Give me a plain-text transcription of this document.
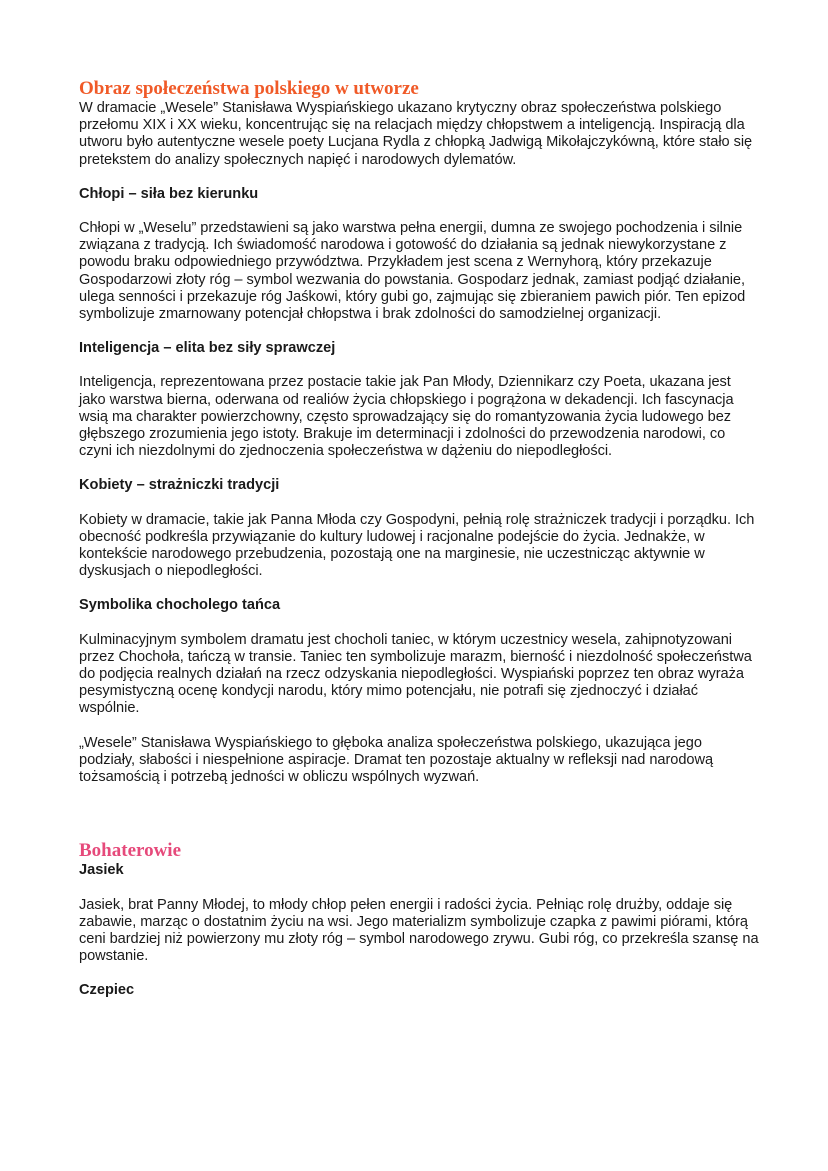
Obraz społeczeństwa polskiego w utworze

W dramacie „Wesele” Stanisława Wyspiańskiego ukazano krytyczny obraz społeczeństwa polskiego przełomu XIX i XX wieku, koncentrując się na relacjach między chłopstwem a inteligencją. Inspiracją dla utworu było autentyczne wesele poety Lucjana Rydla z chłopką Jadwigą Mikołajczykówną, które stało się pretekstem do analizy społecznych napięć i narodowych dylematów.

Chłopi – siła bez kierunku

Chłopi w „Weselu” przedstawieni są jako warstwa pełna energii, dumna ze swojego pochodzenia i silnie związana z tradycją. Ich świadomość narodowa i gotowość do działania są jednak niewykorzystane z powodu braku odpowiedniego przywództwa. Przykładem jest scena z Wernyhorą, który przekazuje Gospodarzowi złoty róg – symbol wezwania do powstania. Gospodarz jednak, zamiast podjąć działanie, ulega senności i przekazuje róg Jaśkowi, który gubi go, zajmując się zbieraniem pawich piór. Ten epizod symbolizuje zmarnowany potencjał chłopstwa i brak zdolności do samodzielnej organizacji.

Inteligencja – elita bez siły sprawczej

Inteligencja, reprezentowana przez postacie takie jak Pan Młody, Dziennikarz czy Poeta, ukazana jest jako warstwa bierna, oderwana od realiów życia chłopskiego i pogrążona w dekadencji. Ich fascynacja wsią ma charakter powierzchowny, często sprowadzający się do romantyzowania życia ludowego bez głębszego zrozumienia jego istoty. Brakuje im determinacji i zdolności do przewodzenia narodowi, co czyni ich niezdolnymi do zjednoczenia społeczeństwa w dążeniu do niepodległości.

Kobiety – strażniczki tradycji

Kobiety w dramacie, takie jak Panna Młoda czy Gospodyni, pełnią rolę strażniczek tradycji i porządku. Ich obecność podkreśla przywiązanie do kultury ludowej i racjonalne podejście do życia. Jednakże, w kontekście narodowego przebudzenia, pozostają one na marginesie, nie uczestnicząc aktywnie w dyskusjach o niepodległości.

Symbolika chocholego tańca

Kulminacyjnym symbolem dramatu jest chocholi taniec, w którym uczestnicy wesela, zahipnotyzowani przez Chochoła, tańczą w transie. Taniec ten symbolizuje marazm, bierność i niezdolność społeczeństwa do podjęcia realnych działań na rzecz odzyskania niepodległości. Wyspiański poprzez ten obraz wyraża pesymistyczną ocenę kondycji narodu, który mimo potencjału, nie potrafi się zjednoczyć i działać wspólnie.

„Wesele” Stanisława Wyspiańskiego to głęboka analiza społeczeństwa polskiego, ukazująca jego podziały, słabości i niespełnione aspiracje. Dramat ten pozostaje aktualny w refleksji nad narodową tożsamością i potrzebą jedności w obliczu wspólnych wyzwań.

Bohaterowie
Jasiek

Jasiek, brat Panny Młodej, to młody chłop pełen energii i radości życia. Pełniąc rolę drużby, oddaje się zabawie, marząc o dostatnim życiu na wsi. Jego materializm symbolizuje czapka z pawimi piórami, którą ceni bardziej niż powierzony mu złoty róg – symbol narodowego zrywu. Gubi róg, co przekreśla szansę na powstanie.

Czepiec
